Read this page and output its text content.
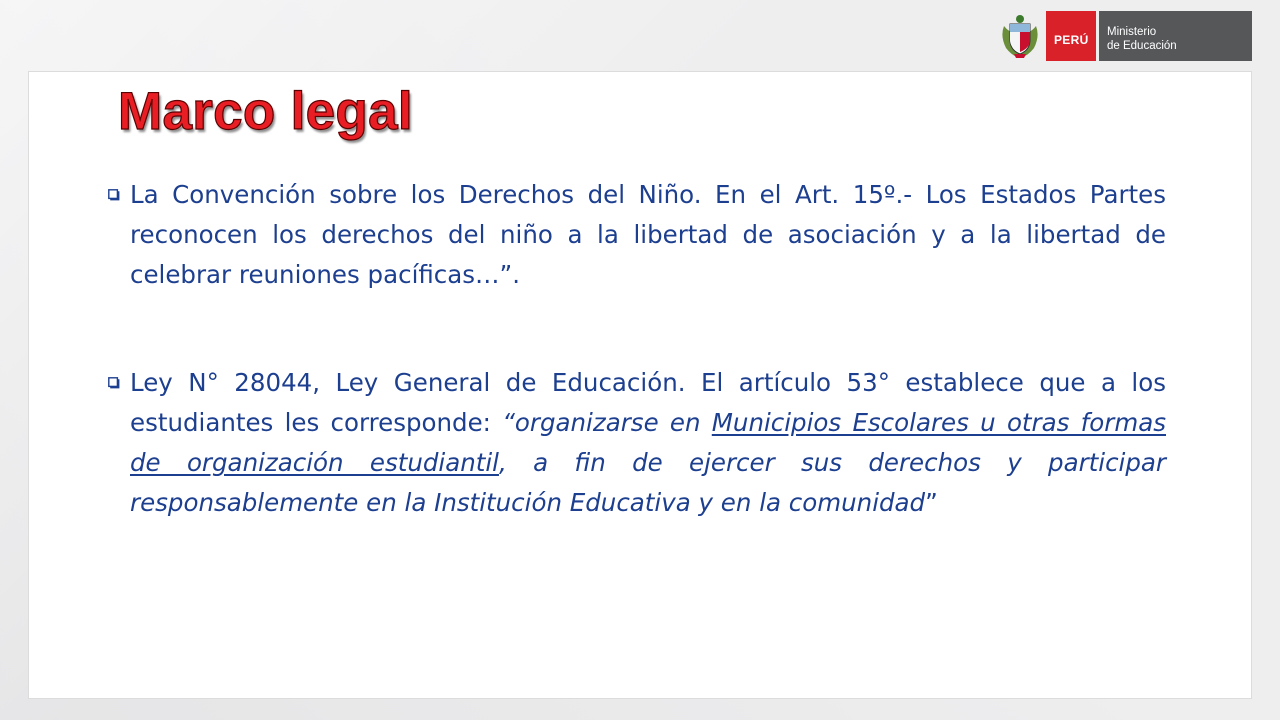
PERÚ
Ministerio
de Educación
Marco legal
La Convención sobre los Derechos del Niño. En el Art. 15º.- Los Estados Partes reconocen los derechos del niño a la libertad de asociación y a la libertad de celebrar reuniones pacíficas…”.
Ley N° 28044, Ley General de Educación. El artículo 53° establece que a los estudiantes les corresponde: “organizarse en Municipios Escolares u otras formas de organización estudiantil, a fin de ejercer sus derechos y participar responsablemente en la Institución Educativa y en la comunidad”
